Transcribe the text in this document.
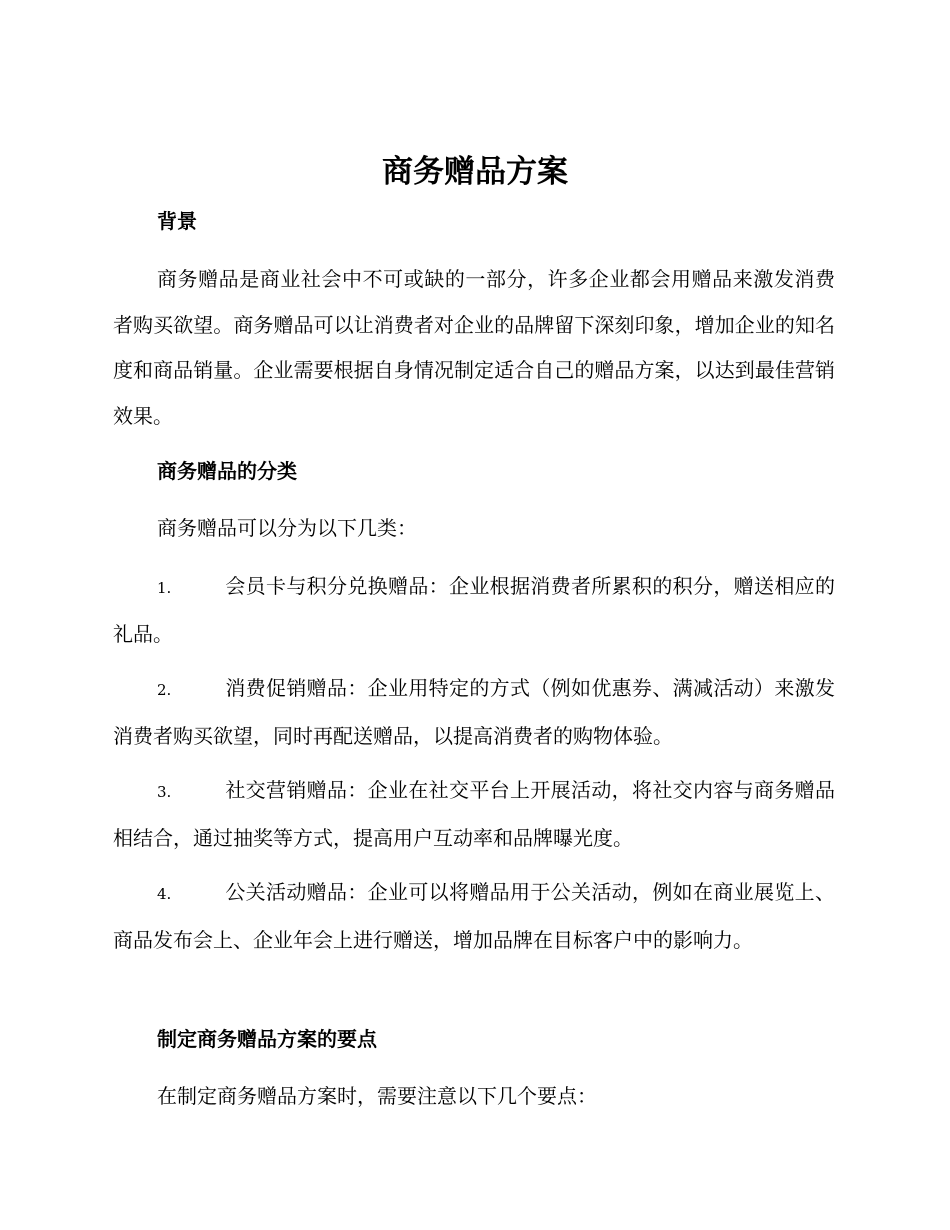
商务赠品方案
背景

商务赠品是商业社会中不可或缺的一部分，许多企业都会用赠品来激发消费者购买欲望。商务赠品可以让消费者对企业的品牌留下深刻印象，增加企业的知名度和商品销量。企业需要根据自身情况制定适合自己的赠品方案，以达到最佳营销效果。

商务赠品的分类

商务赠品可以分为以下几类：

1.	会员卡与积分兑换赠品：企业根据消费者所累积的积分，赠送相应的礼品。

2.	消费促销赠品：企业用特定的方式（例如优惠券、满减活动）来激发消费者购买欲望，同时再配送赠品，以提高消费者的购物体验。

3.	社交营销赠品：企业在社交平台上开展活动，将社交内容与商务赠品相结合，通过抽奖等方式，提高用户互动率和品牌曝光度。

4.	公关活动赠品：企业可以将赠品用于公关活动，例如在商业展览上、商品发布会上、企业年会上进行赠送，增加品牌在目标客户中的影响力。

制定商务赠品方案的要点

在制定商务赠品方案时，需要注意以下几个要点：
